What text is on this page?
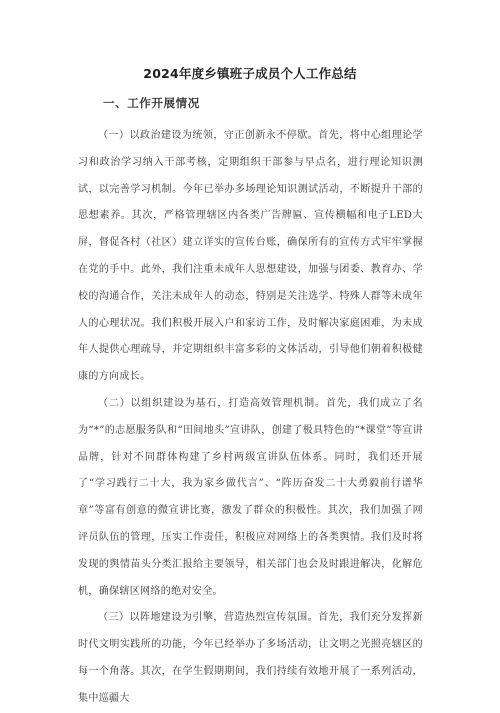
2024年度乡镇班子成员个人工作总结
一、工作开展情况

（一）以政治建设为统领，守正创新永不停歇。首先，将中心组理论学习和政治学习纳入干部考核，定期组织干部参与早点名，进行理论知识测试，以完善学习机制。今年已举办多场理论知识测试活动，不断提升干部的思想素养。其次，严格管理辖区内各类广告牌匾、宣传横幅和电子LED大屏，督促各村（社区）建立详实的宣传台账，确保所有的宣传方式牢牢掌握在党的手中。此外，我们注重未成年人思想建设，加强与团委、教育办、学校的沟通合作，关注未成年人的动态，特别是关注选学、特殊人群等未成年人的心理状况。我们积极开展入户和家访工作，及时解决家庭困难，为未成年人提供心理疏导，并定期组织丰富多彩的文体活动，引导他们朝着积极健康的方向成长。

（二）以组织建设为基石，打造高效管理机制。首先，我们成立了名为“*”的志愿服务队和“田间地头”宣讲队，创建了极具特色的“*课堂”等宣讲品牌，针对不同群体构建了乡村两级宣讲队伍体系。同时，我们还开展了“学习践行二十大，我为家乡做代言”、“阵历奋发二十大勇毅前行谱华章”等富有创意的微宣讲比赛，激发了群众的积极性。其次，我们加强了网评员队伍的管理，压实工作责任，积极应对网络上的各类舆情。我们及时将发现的舆情苗头分类汇报给主要领导，相关部门也会及时跟进解决，化解危机，确保辖区网络的绝对安全。

（三）以阵地建设为引擎，营造热烈宣传氛围。首先，我们充分发挥新时代文明实践所的功能，今年已经举办了多场活动，让文明之光照亮辖区的每一个角落。其次，在学生假期期间，我们持续有效地开展了一系列活动，集中巡疆大
